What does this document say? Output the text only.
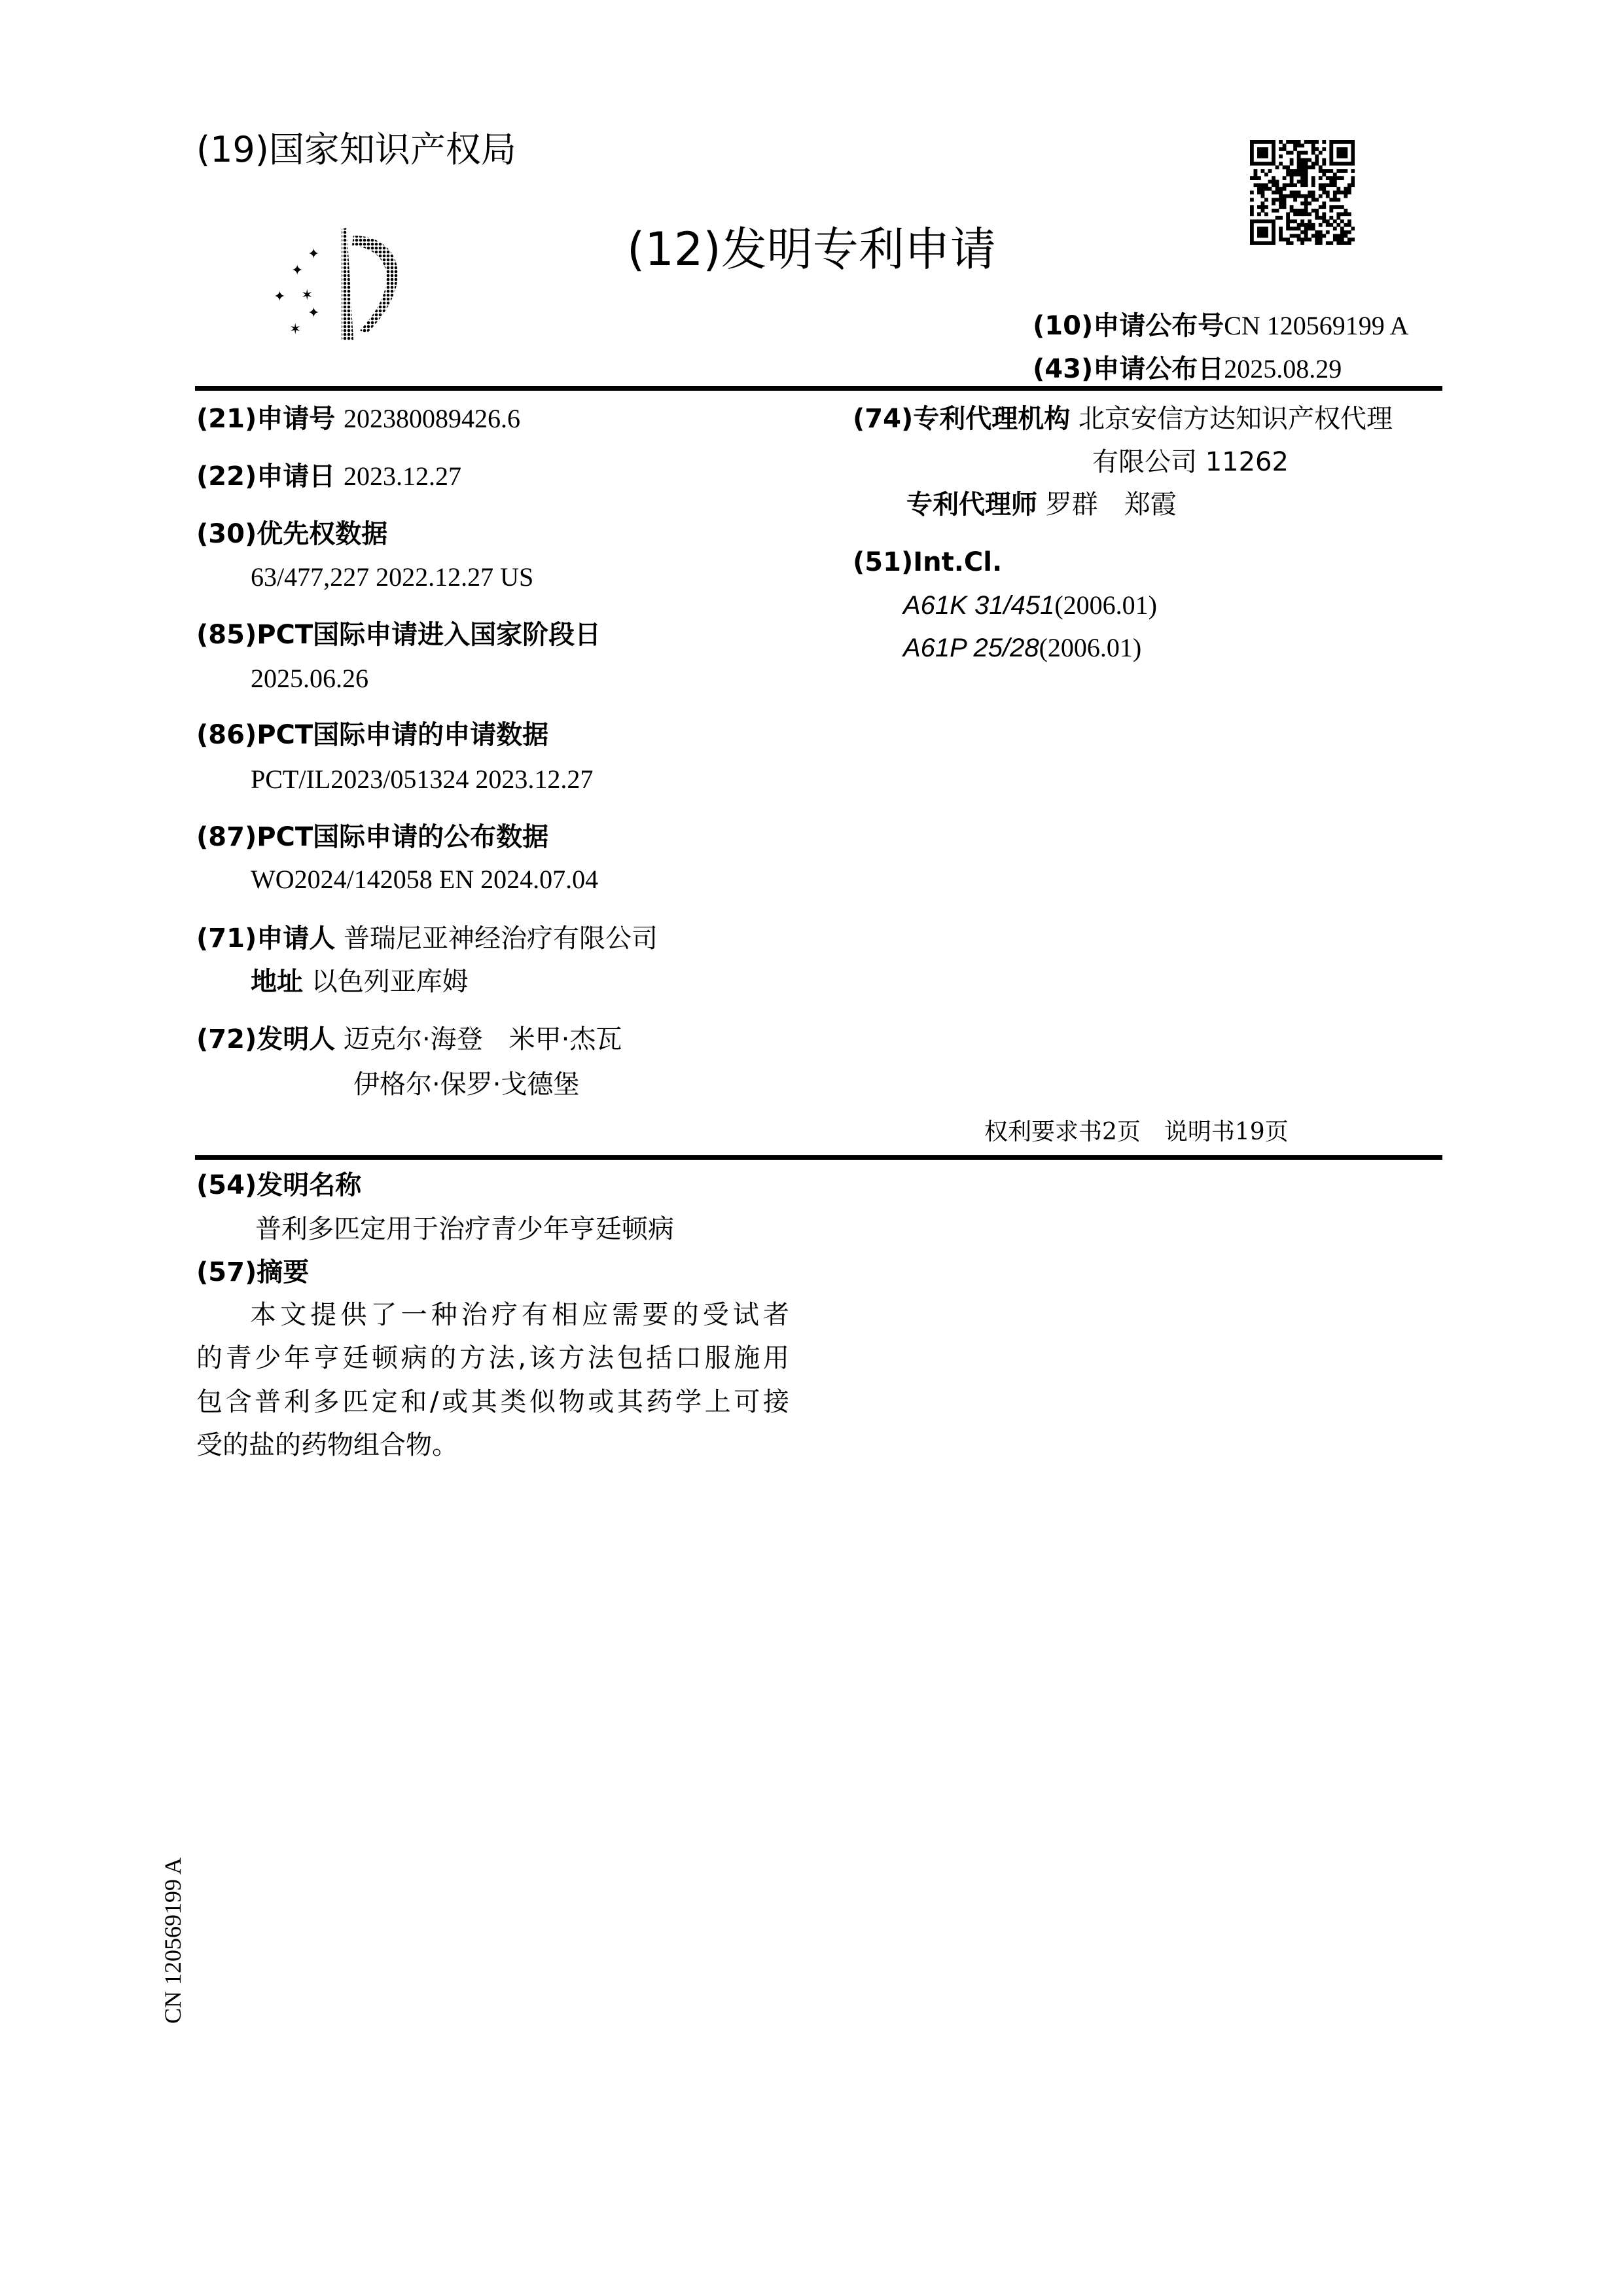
(19)国家知识产权局
✦
✦
✶
✦
✶
✦
(12)发明专利申请
(10)申请公布号CN 120569199 A
(43)申请公布日2025.08.29
(21)申请号 202380089426.6
(22)申请日 2023.12.27
(30)优先权数据
63/477,227 2022.12.27 US
(85)PCT国际申请进入国家阶段日
2025.06.26
(86)PCT国际申请的申请数据
PCT/IL2023/051324 2023.12.27
(87)PCT国际申请的公布数据
WO2024/142058 EN 2024.07.04
(71)申请人 普瑞尼亚神经治疗有限公司
地址 以色列亚库姆
(72)发明人 迈克尔·海登　米甲·杰瓦
伊格尔·保罗·戈德堡
(74)专利代理机构 北京安信方达知识产权代理
有限公司 11262
专利代理师 罗群　郑霞
(51)Int.Cl.
A61K 31/451(2006.01)
A61P 25/28(2006.01)
权利要求书2页　说明书19页
(54)发明名称
普利多匹定用于治疗青少年亨廷顿病
(57)摘要
本文提供了一种治疗有相应需要的受试者
的青少年亨廷顿病的方法,该方法包括口服施用
包含普利多匹定和/或其类似物或其药学上可接
受的盐的药物组合物。
CN 120569199 A
